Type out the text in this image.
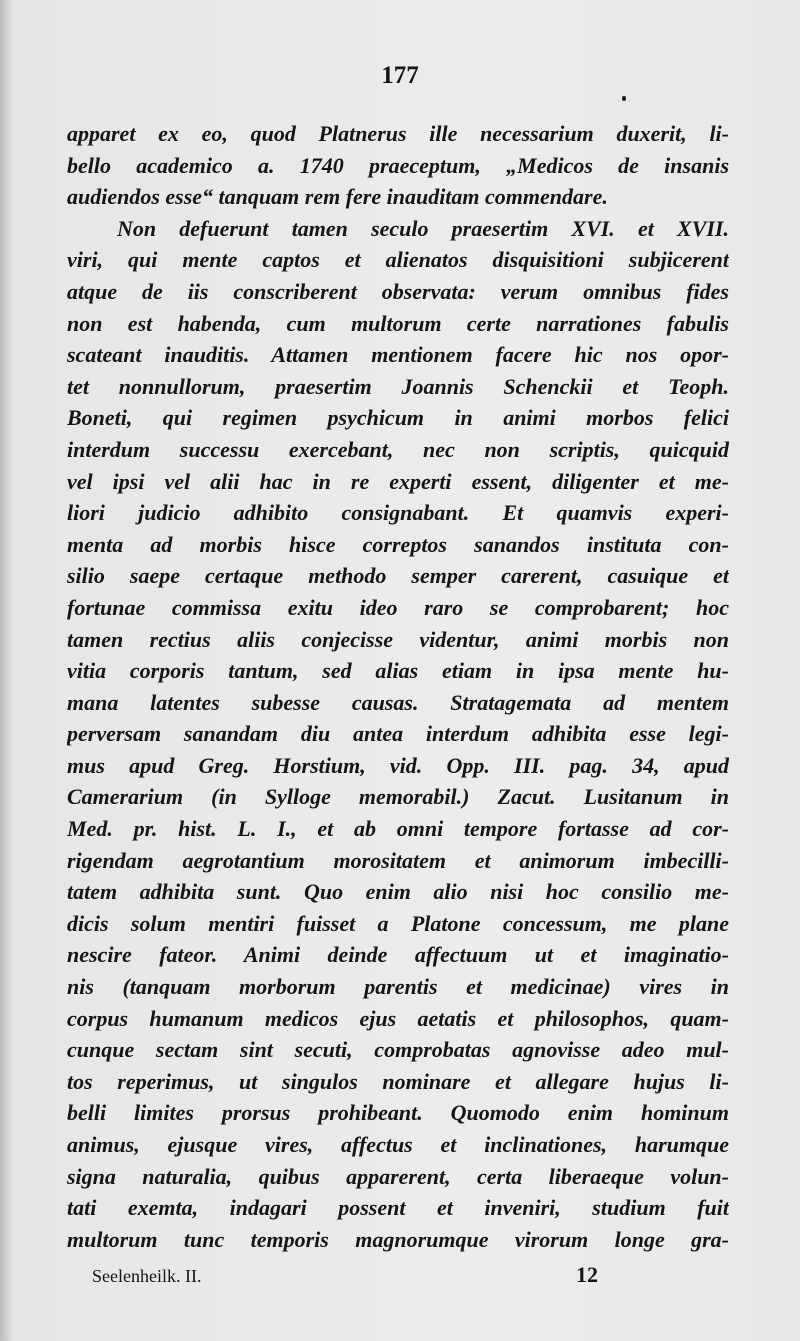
177
apparet ex eo, quod Platnerus ille necessarium duxerit, li-
bello academico a. 1740 praeceptum, „Medicos de insanis
audiendos esse“ tanquam rem fere inauditam commendare.
Non defuerunt tamen seculo praesertim XVI. et XVII.
viri, qui mente captos et alienatos disquisitioni subjicerent
atque de iis conscriberent observata: verum omnibus fides
non est habenda, cum multorum certe narrationes fabulis
scateant inauditis. Attamen mentionem facere hic nos opor-
tet nonnullorum, praesertim Joannis Schenckii et Teoph.
Boneti, qui regimen psychicum in animi morbos felici
interdum successu exercebant, nec non scriptis, quicquid
vel ipsi vel alii hac in re experti essent, diligenter et me-
liori judicio adhibito consignabant. Et quamvis experi-
menta ad morbis hisce correptos sanandos instituta con-
silio saepe certaque methodo semper carerent, casuique et
fortunae commissa exitu ideo raro se comprobarent; hoc
tamen rectius aliis conjecisse videntur, animi morbis non
vitia corporis tantum, sed alias etiam in ipsa mente hu-
mana latentes subesse causas. Stratagemata ad mentem
perversam sanandam diu antea interdum adhibita esse legi-
mus apud Greg. Horstium, vid. Opp. III. pag. 34, apud
Camerarium (in Sylloge memorabil.) Zacut. Lusitanum in
Med. pr. hist. L. I., et ab omni tempore fortasse ad cor-
rigendam aegrotantium morositatem et animorum imbecilli-
tatem adhibita sunt. Quo enim alio nisi hoc consilio me-
dicis solum mentiri fuisset a Platone concessum, me plane
nescire fateor. Animi deinde affectuum ut et imaginatio-
nis (tanquam morborum parentis et medicinae) vires in
corpus humanum medicos ejus aetatis et philosophos, quam-
cunque sectam sint secuti, comprobatas agnovisse adeo mul-
tos reperimus, ut singulos nominare et allegare hujus li-
belli limites prorsus prohibeant. Quomodo enim hominum
animus, ejusque vires, affectus et inclinationes, harumque
signa naturalia, quibus apparerent, certa liberaeque volun-
tati exemta, indagari possent et inveniri, studium fuit
multorum tunc temporis magnorumque virorum longe gra-
Seelenheilk. II.	12
